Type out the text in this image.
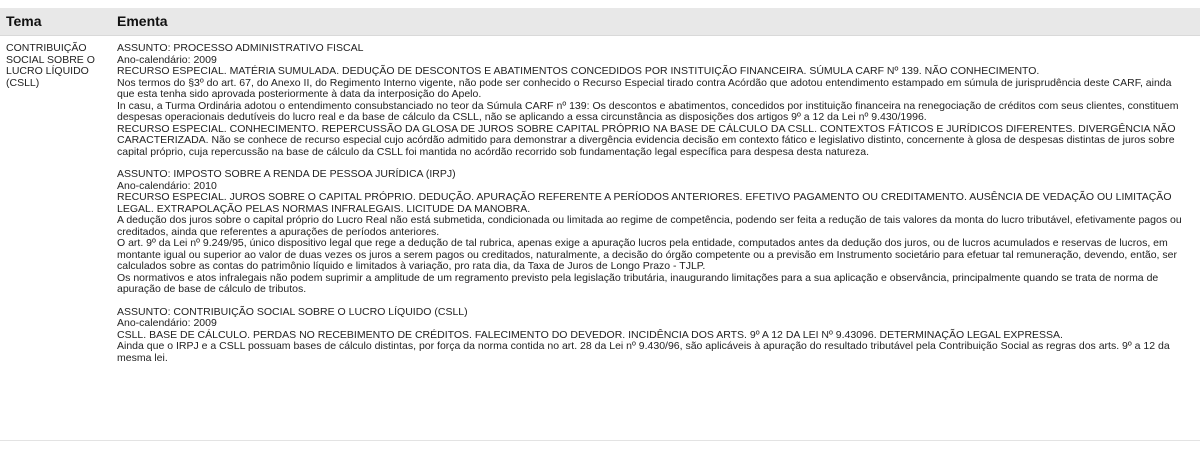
Tema	Ementa
CONTRIBUIÇÃO SOCIAL SOBRE O LUCRO LÍQUIDO (CSLL)

ASSUNTO: PROCESSO ADMINISTRATIVO FISCAL

Ano-calendário: 2009

RECURSO ESPECIAL. MATÉRIA SUMULADA. DEDUÇÃO DE DESCONTOS E ABATIMENTOS CONCEDIDOS POR INSTITUIÇÃO FINANCEIRA. SÚMULA CARF Nº 139. NÃO CONHECIMENTO.

Nos termos do §3º do art. 67, do Anexo II, do Regimento Interno vigente, não pode ser conhecido o Recurso Especial tirado contra Acórdão que adotou entendimento estampado em súmula de jurisprudência deste CARF, ainda que esta tenha sido aprovada posteriormente à data da interposição do Apelo.

In casu, a Turma Ordinária adotou o entendimento consubstanciado no teor da Súmula CARF nº 139: Os descontos e abatimentos, concedidos por instituição financeira na renegociação de créditos com seus clientes, constituem despesas operacionais dedutíveis do lucro real e da base de cálculo da CSLL, não se aplicando a essa circunstância as disposições dos artigos 9º a 12 da Lei nº 9.430/1996.

RECURSO ESPECIAL. CONHECIMENTO. REPERCUSSÃO DA GLOSA DE JUROS SOBRE CAPITAL PRÓPRIO NA BASE DE CÁLCULO DA CSLL. CONTEXTOS FÁTICOS E JURÍDICOS DIFERENTES. DIVERGÊNCIA NÃO CARACTERIZADA. Não se conhece de recurso especial cujo acórdão admitido para demonstrar a divergência evidencia decisão em contexto fático e legislativo distinto, concernente à glosa de despesas distintas de juros sobre capital próprio, cuja repercussão na base de cálculo da CSLL foi mantida no acórdão recorrido sob fundamentação legal específica para despesa desta natureza.

ASSUNTO: IMPOSTO SOBRE A RENDA DE PESSOA JURÍDICA (IRPJ)

Ano-calendário: 2010

RECURSO ESPECIAL. JUROS SOBRE O CAPITAL PRÓPRIO. DEDUÇÃO. APURAÇÃO REFERENTE A PERÍODOS ANTERIORES. EFETIVO PAGAMENTO OU CREDITAMENTO. AUSÊNCIA DE VEDAÇÃO OU LIMITAÇÃO LEGAL. EXTRAPOLAÇÃO PELAS NORMAS INFRALEGAIS. LICITUDE DA MANOBRA.

A dedução dos juros sobre o capital próprio do Lucro Real não está submetida, condicionada ou limitada ao regime de competência, podendo ser feita a redução de tais valores da monta do lucro tributável, efetivamente pagos ou creditados, ainda que referentes a apurações de períodos anteriores.

O art. 9º da Lei nº 9.249/95, único dispositivo legal que rege a dedução de tal rubrica, apenas exige a apuração lucros pela entidade, computados antes da dedução dos juros, ou de lucros acumulados e reservas de lucros, em montante igual ou superior ao valor de duas vezes os juros a serem pagos ou creditados, naturalmente, a decisão do órgão competente ou a previsão em Instrumento societário para efetuar tal remuneração, devendo, então, ser calculados sobre as contas do patrimônio líquido e limitados à variação, pro rata dia, da Taxa de Juros de Longo Prazo - TJLP.

Os normativos e atos infralegais não podem suprimir a amplitude de um regramento previsto pela legislação tributária, inaugurando limitações para a sua aplicação e observância, principalmente quando se trata de norma de apuração de base de cálculo de tributos.

ASSUNTO: CONTRIBUIÇÃO SOCIAL SOBRE O LUCRO LÍQUIDO (CSLL)

Ano-calendário: 2009

CSLL. BASE DE CÁLCULO. PERDAS NO RECEBIMENTO DE CRÉDITOS. FALECIMENTO DO DEVEDOR. INCIDÊNCIA DOS ARTS. 9º A 12 DA LEI Nº 9.43096. DETERMINAÇÃO LEGAL EXPRESSA.

Ainda que o IRPJ e a CSLL possuam bases de cálculo distintas, por força da norma contida no art. 28 da Lei nº 9.430/96, são aplicáveis à apuração do resultado tributável pela Contribuição Social as regras dos arts. 9º a 12 da mesma lei.
